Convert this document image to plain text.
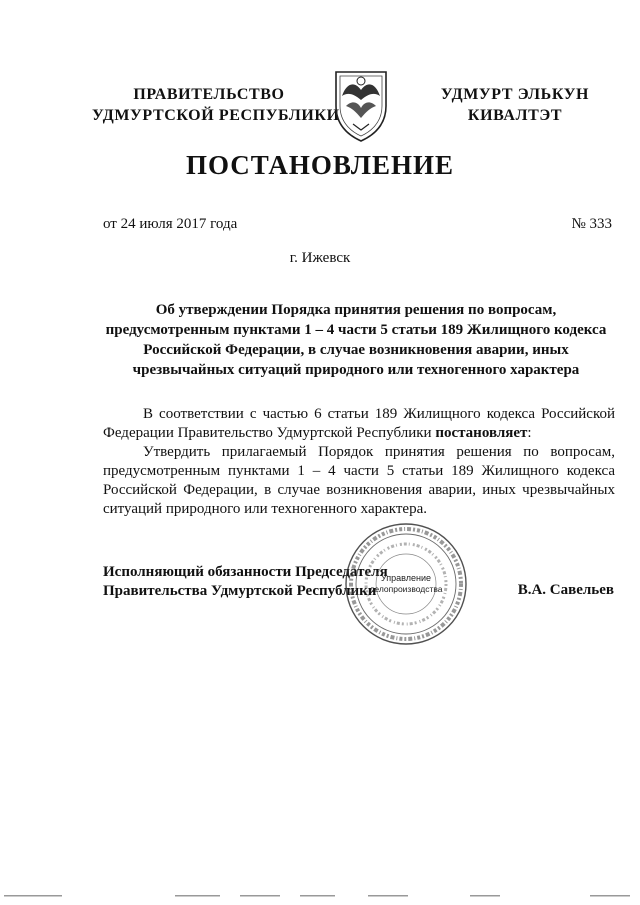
ПРАВИТЕЛЬСТВО
УДМУРТСКОЙ РЕСПУБЛИКИ
УДМУРТ ЭЛЬКУН
КИВАЛТЭТ
ПОСТАНОВЛЕНИЕ
от 24 июля 2017 года	№ 333
г. Ижевск
Об утверждении Порядка принятия решения по вопросам,
предусмотренным пунктами 1 – 4 части 5 статьи 189 Жилищного кодекса
Российской Федерации, в случае возникновения аварии, иных
чрезвычайных ситуаций природного или техногенного характера

В соответствии с частью 6 статьи 189 Жилищного кодекса Российской Федерации Правительство Удмуртской Республики постановляет:

Утвердить прилагаемый Порядок принятия решения по вопросам, предусмотренным пунктами 1 – 4 части 5 статьи 189 Жилищного кодекса Российской Федерации, в случае возникновения аварии, иных чрезвычайных ситуаций природного или техногенного характера.

Исполняющий обязанности Председателя
Правительства Удмуртской Республики	В.А. Савельев
Управление
делопроизводства
